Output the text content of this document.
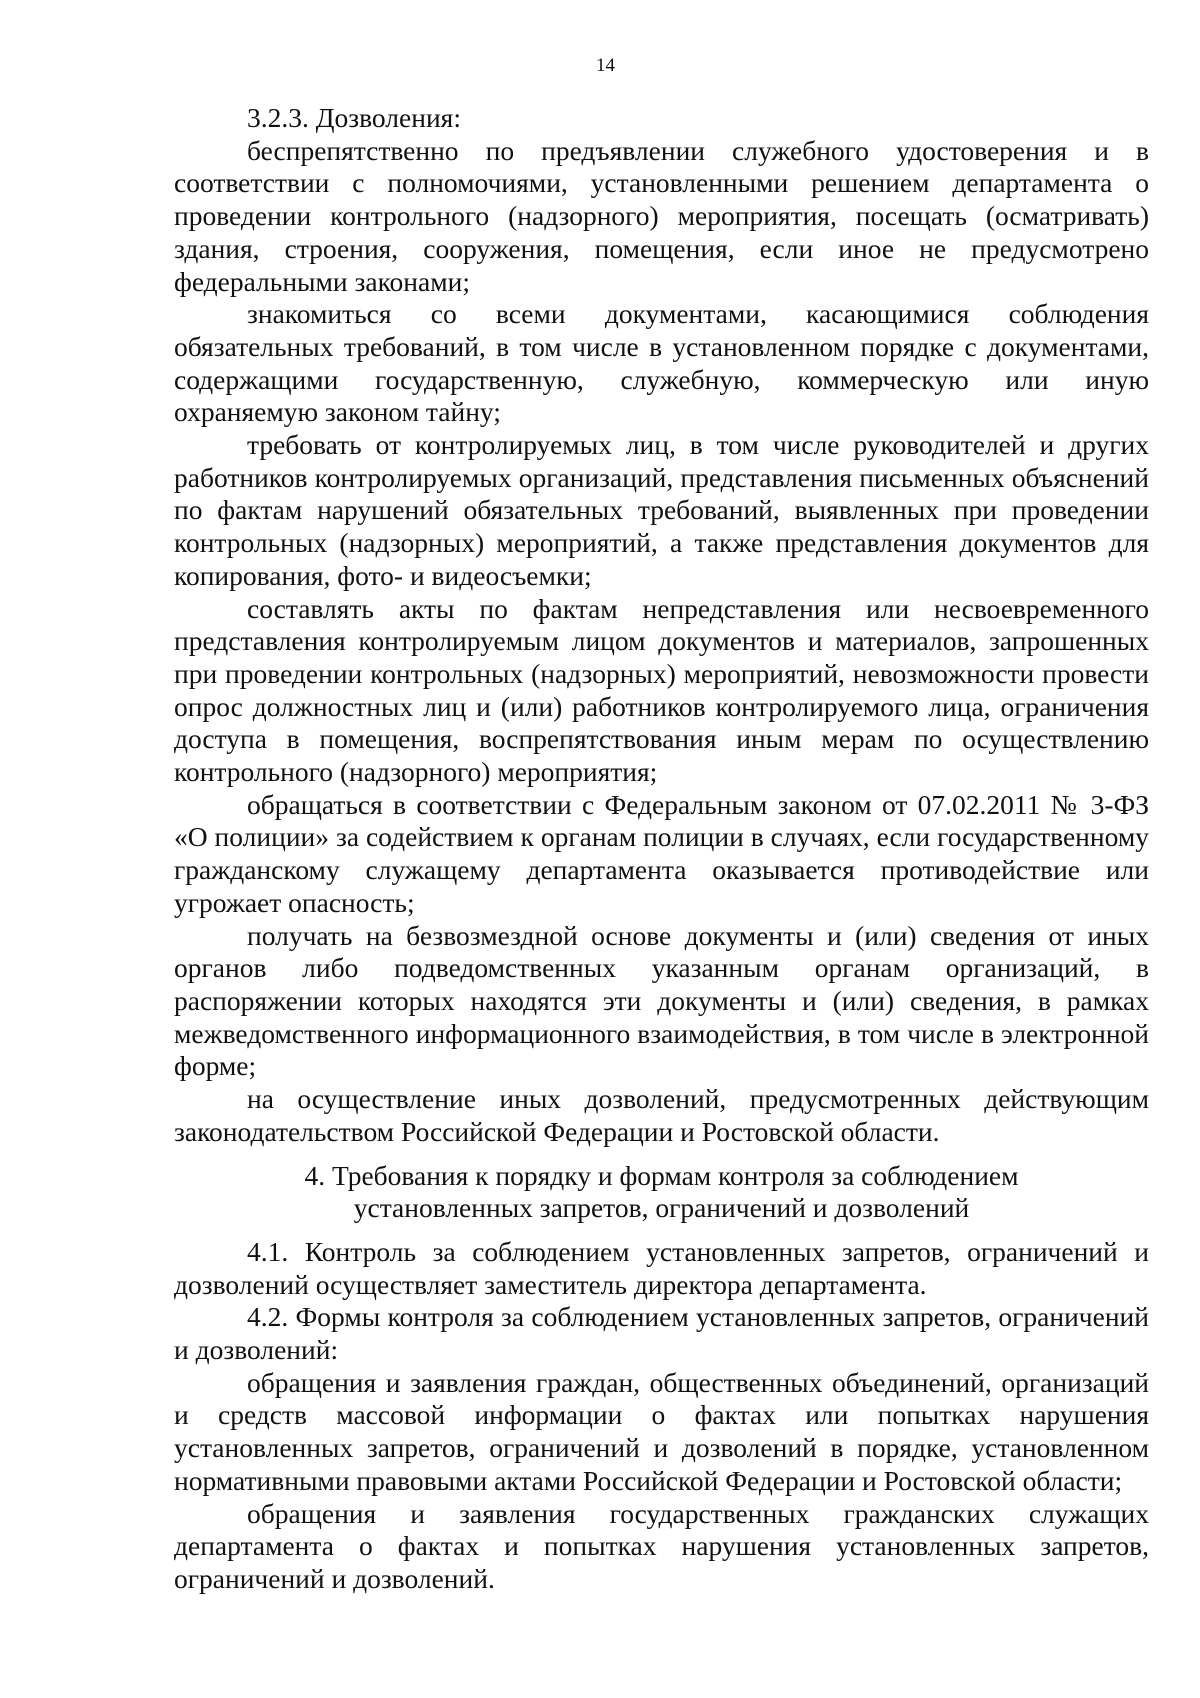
14

3.2.3. Дозволения:

беспрепятственно по предъявлении служебного удостоверения и в соответствии с полномочиями, установленными решением департамента о проведении контрольного (надзорного) мероприятия, посещать (осматривать) здания, строения, сооружения, помещения, если иное не предусмотрено федеральными законами;

знакомиться со всеми документами, касающимися соблюдения обязательных требований, в том числе в установленном порядке с документами, содержащими государственную, служебную, коммерческую или иную охраняемую законом тайну;

требовать от контролируемых лиц, в том числе руководителей и других работников контролируемых организаций, представления письменных объяснений по фактам нарушений обязательных требований, выявленных при проведении контрольных (надзорных) мероприятий, а также представления документов для копирования, фото- и видеосъемки;

составлять акты по фактам непредставления или несвоевременного представления контролируемым лицом документов и материалов, запрошенных при проведении контрольных (надзорных) мероприятий, невозможности провести опрос должностных лиц и (или) работников контролируемого лица, ограничения доступа в помещения, воспрепятствования иным мерам по осуществлению контрольного (надзорного) мероприятия;

обращаться в соответствии с Федеральным законом от 07.02.2011 № 3-ФЗ «О полиции» за содействием к органам полиции в случаях, если государственному гражданскому служащему департамента оказывается противодействие или угрожает опасность;

получать на безвозмездной основе документы и (или) сведения от иных органов либо подведомственных указанным органам организаций, в распоряжении которых находятся эти документы и (или) сведения, в рамках межведомственного информационного взаимодействия, в том числе в электронной форме;

на осуществление иных дозволений, предусмотренных действующим законодательством Российской Федерации и Ростовской области.

4. Требования к порядку и формам контроля за соблюдением
установленных запретов, ограничений и дозволений

4.1. Контроль за соблюдением установленных запретов, ограничений и дозволений осуществляет заместитель директора департамента.

4.2. Формы контроля за соблюдением установленных запретов, ограничений и дозволений:

обращения и заявления граждан, общественных объединений, организаций и средств массовой информации о фактах или попытках нарушения установленных запретов, ограничений и дозволений в порядке, установленном нормативными правовыми актами Российской Федерации и Ростовской области;

обращения и заявления государственных гражданских служащих департамента о фактах и попытках нарушения установленных запретов, ограничений и дозволений.
